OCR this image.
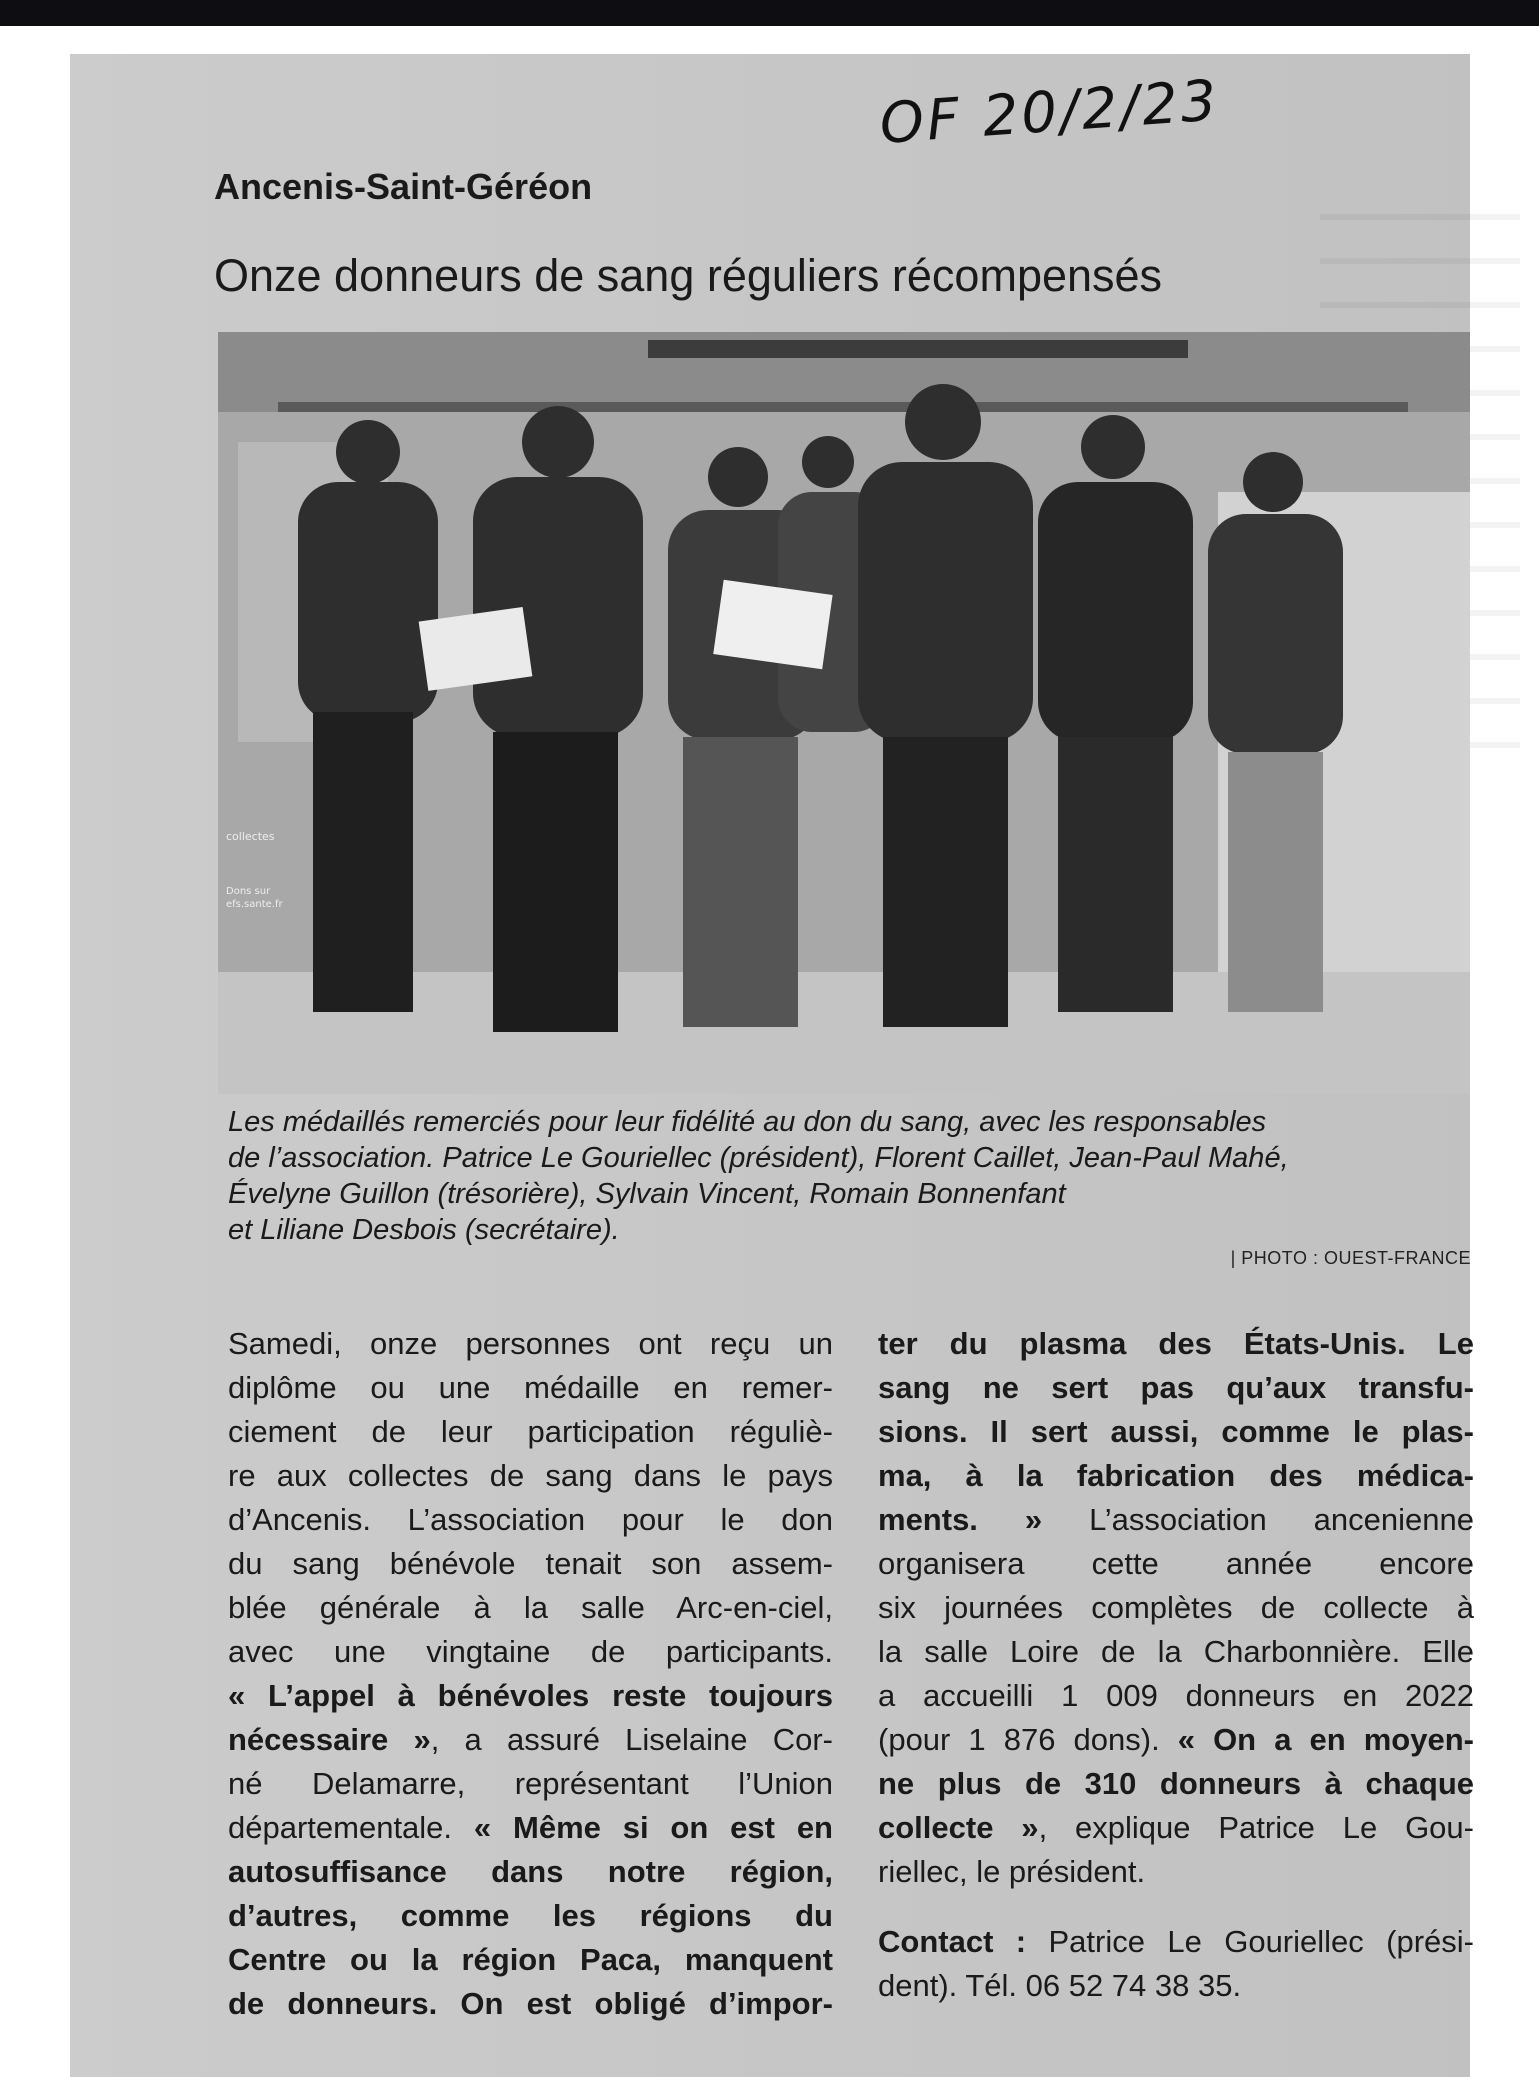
OF 20/2/23
Ancenis-Saint-Géréon
Onze donneurs de sang réguliers récompensés
collectes
Dons sur
efs.sante.fr
Les médaillés remerciés pour leur fidélité au don du sang, avec les responsables
de l’association. Patrice Le Gouriellec (président), Florent Caillet, Jean-Paul Mahé,
Évelyne Guillon (trésorière), Sylvain Vincent, Romain Bonnenfant
et Liliane Desbois (secrétaire).
| PHOTO : OUEST-FRANCE
Samedi, onze personnes ont reçu un
diplôme ou une médaille en remer-
ciement de leur participation réguliè-
re aux collectes de sang dans le pays
d’Ancenis. L’association pour le don
du sang bénévole tenait son assem-
blée générale à la salle Arc-en-ciel,
avec une vingtaine de participants.
« L’appel à bénévoles reste toujours
nécessaire », a assuré Liselaine Cor-
né Delamarre, représentant l’Union
départementale. « Même si on est en
autosuffisance dans notre région,
d’autres, comme les régions du
Centre ou la région Paca, manquent
de donneurs. On est obligé d’impor-
ter du plasma des États-Unis. Le
sang ne sert pas qu’aux transfu-
sions. Il sert aussi, comme le plas-
ma, à la fabrication des médica-
ments. » L’association ancenienne
organisera cette année encore
six journées complètes de collecte à
la salle Loire de la Charbonnière. Elle
a accueilli 1 009 donneurs en 2022
(pour 1 876 dons). « On a en moyen-
ne plus de 310 donneurs à chaque
collecte », explique Patrice Le Gou-
riellec, le président.
Contact : Patrice Le Gouriellec (prési-
dent). Tél. 06 52 74 38 35.
